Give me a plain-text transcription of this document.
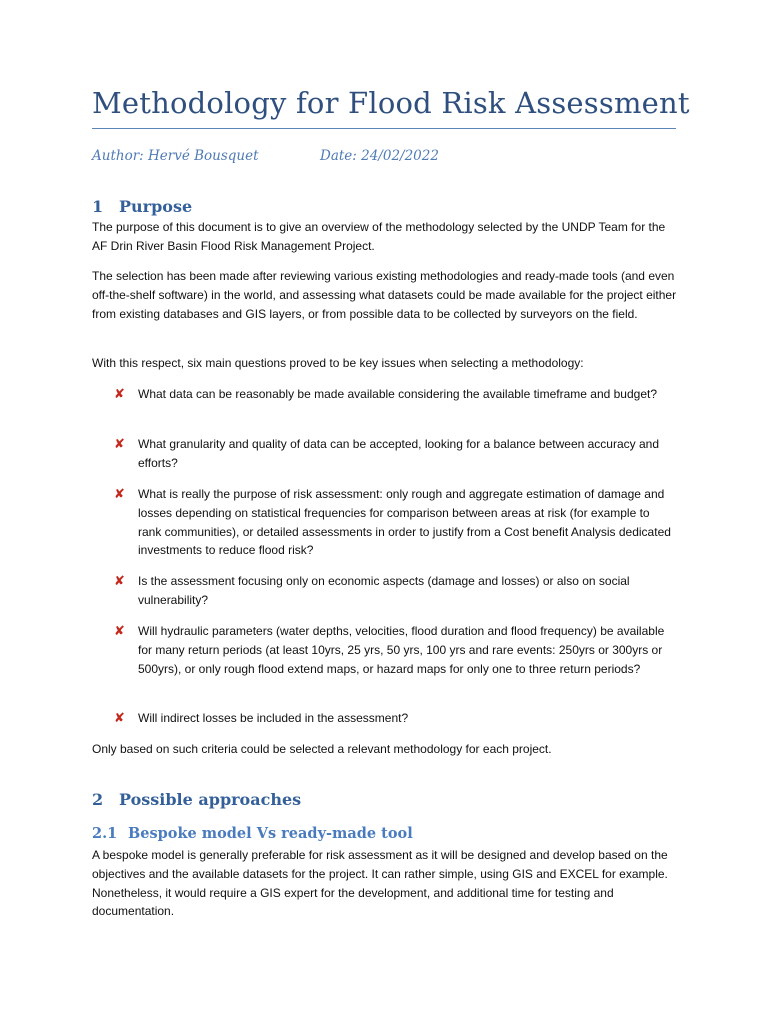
Methodology for Flood Risk Assessment
Author: Hervé Bousquet	Date: 24/02/2022
1 Purpose
The purpose of this document is to give an overview of the methodology selected by the UNDP Team for the AF Drin River Basin Flood Risk Management Project.
The selection has been made after reviewing various existing methodologies and ready-made tools (and even off-the-shelf software) in the world, and assessing what datasets could be made available for the project either from existing databases and GIS layers, or from possible data to be collected by surveyors on the field.
With this respect, six main questions proved to be key issues when selecting a methodology:
✘ What data can be reasonably be made available considering the available timeframe and budget?
✘ What granularity and quality of data can be accepted, looking for a balance between accuracy and efforts?
✘ What is really the purpose of risk assessment: only rough and aggregate estimation of damage and losses depending on statistical frequencies for comparison between areas at risk (for example to rank communities), or detailed assessments in order to justify from a Cost benefit Analysis dedicated investments to reduce flood risk?
✘ Is the assessment focusing only on economic aspects (damage and losses) or also on social vulnerability?
✘ Will hydraulic parameters (water depths, velocities, flood duration and flood frequency) be available for many return periods (at least 10yrs, 25 yrs, 50 yrs, 100 yrs and rare events: 250yrs or 300yrs or 500yrs), or only rough flood extend maps, or hazard maps for only one to three return periods?
✘ Will indirect losses be included in the assessment?
Only based on such criteria could be selected a relevant methodology for each project.
2 Possible approaches
2.1 Bespoke model Vs ready-made tool
A bespoke model is generally preferable for risk assessment as it will be designed and develop based on the objectives and the available datasets for the project. It can rather simple, using GIS and EXCEL for example. Nonetheless, it would require a GIS expert for the development, and additional time for testing and documentation.
